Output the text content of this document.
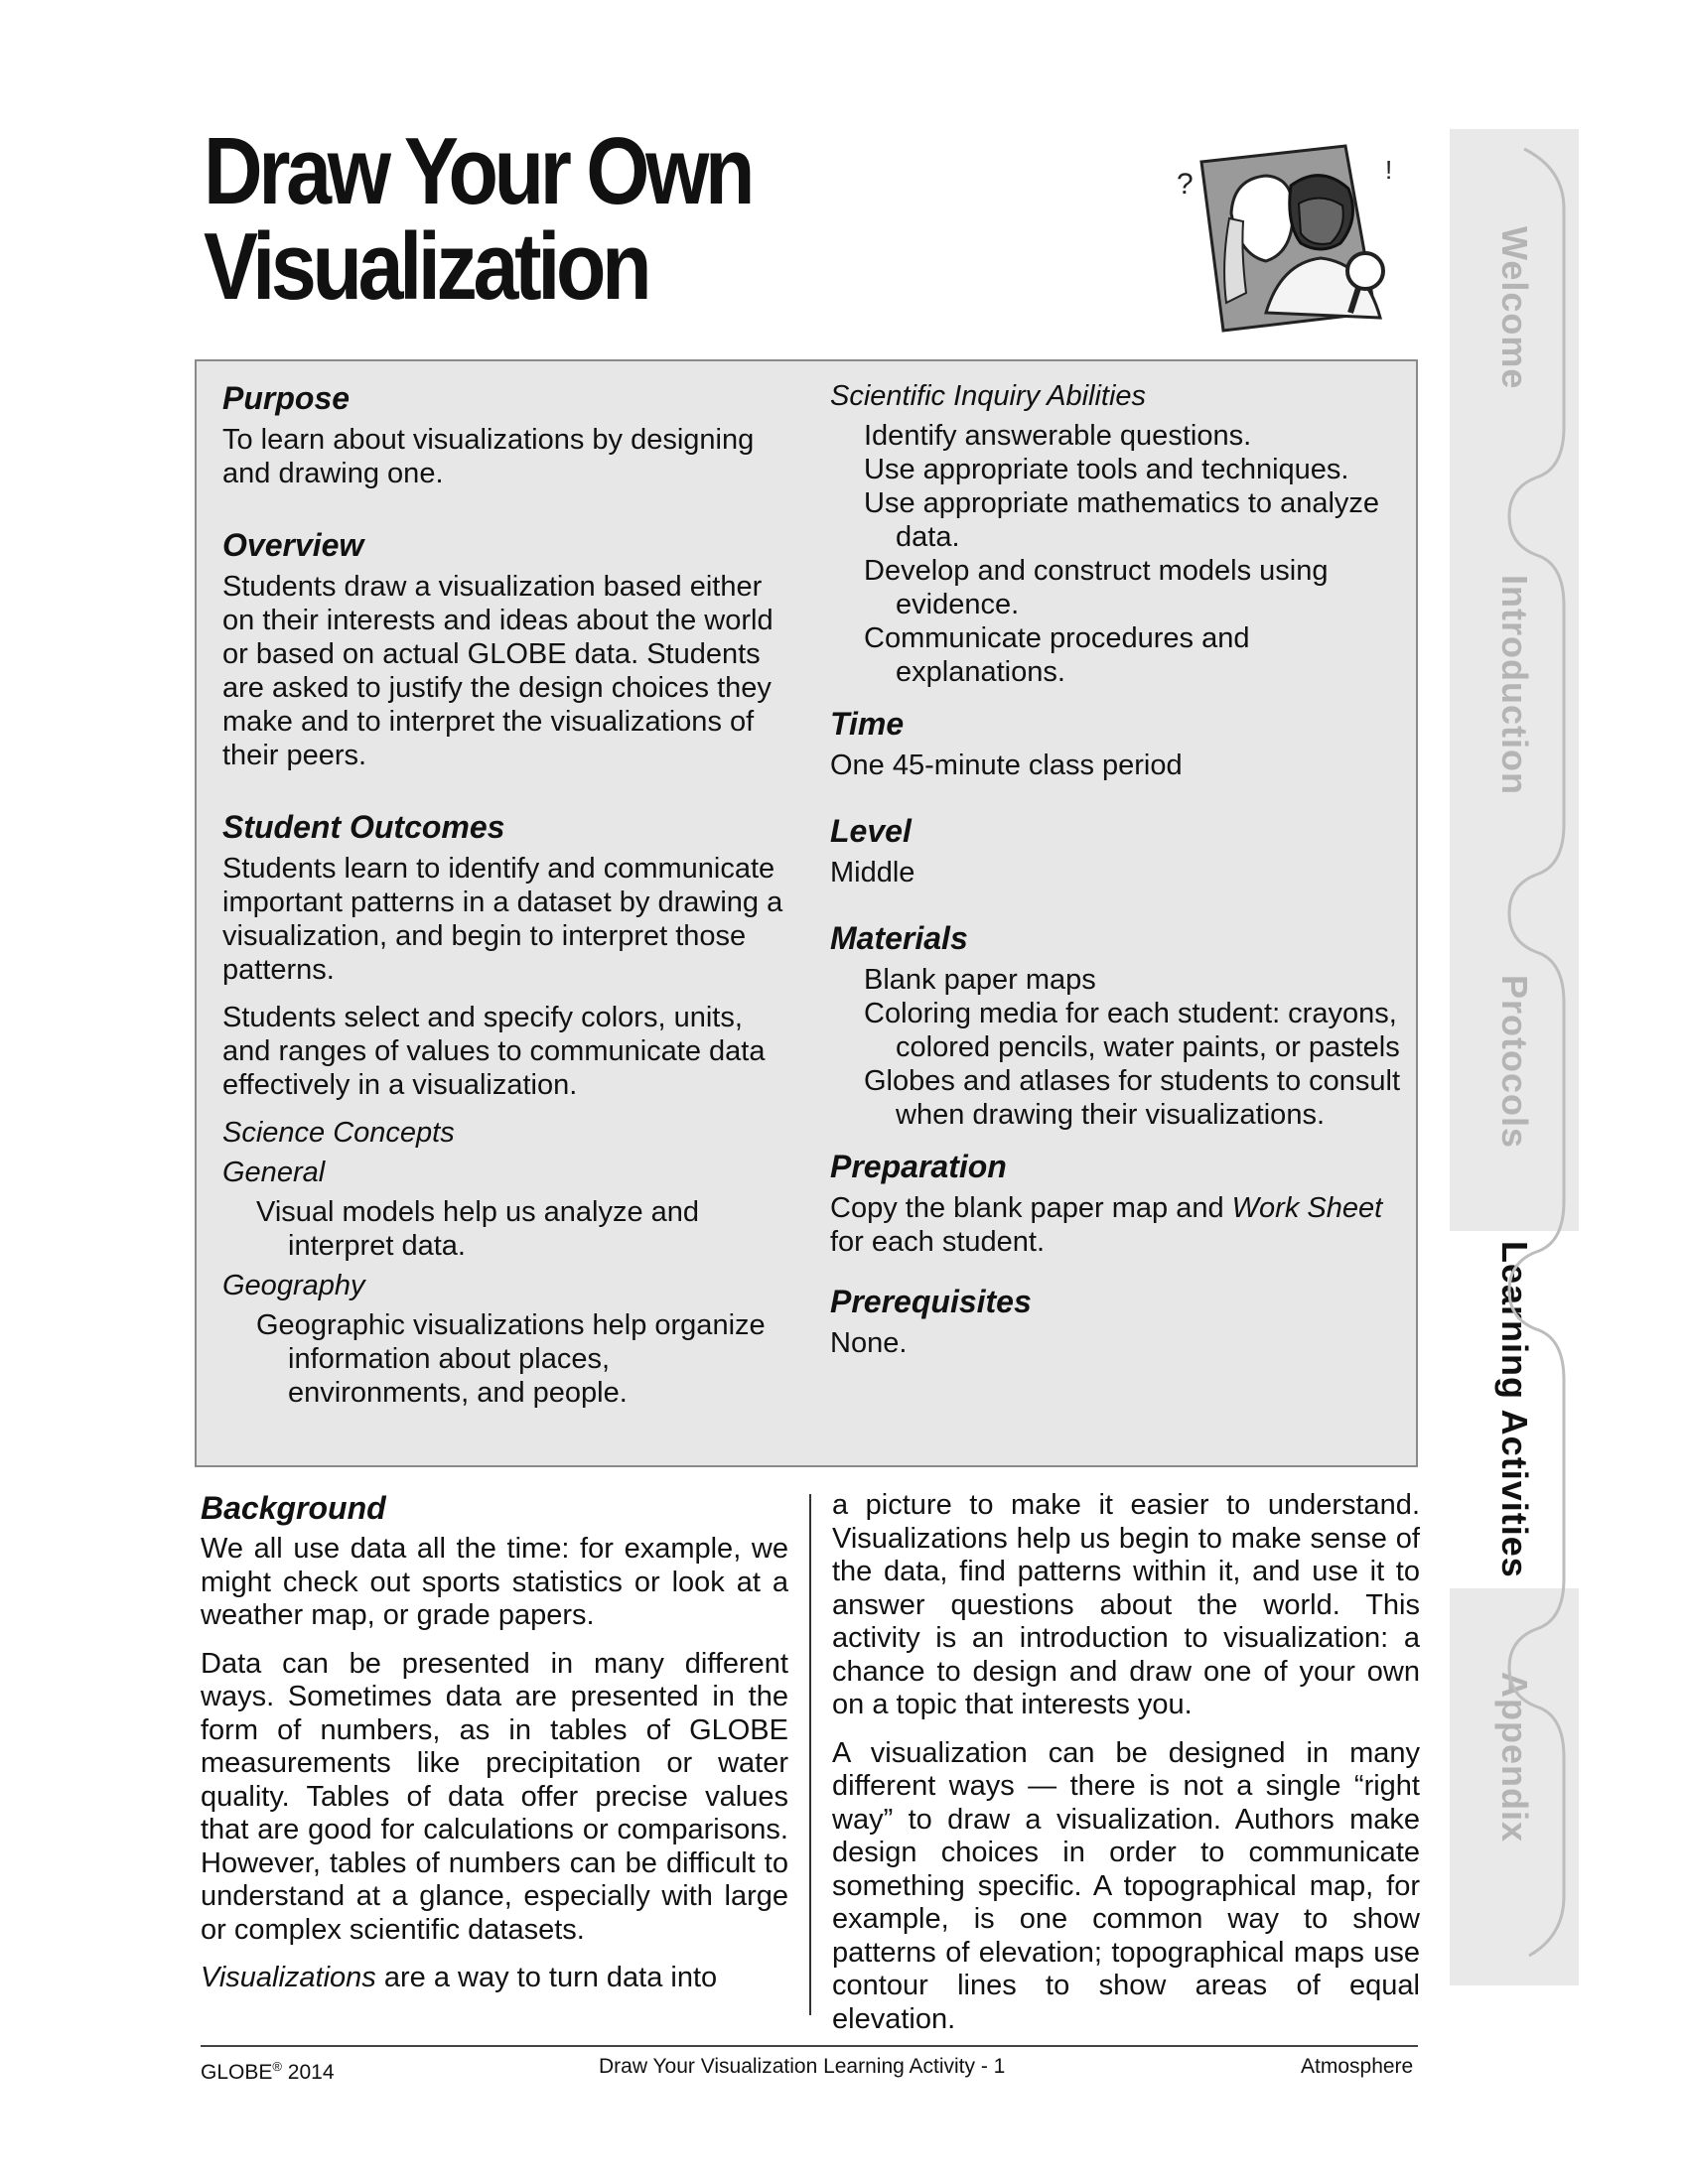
Draw Your Own
Visualization
?	!
Purpose
To learn about visualizations by designing and drawing one.
Overview
Students draw a visualization based either on their interests and ideas about the world or based on actual GLOBE data. Students are asked to justify the design choices they make and to interpret the visualizations of their peers.
Student Outcomes
Students learn to identify and communicate important patterns in a dataset by drawing a visualization, and begin to interpret those patterns.
Students select and specify colors, units, and ranges of values to communicate data effectively in a visualization.
Science Concepts
General
Visual models help us analyze and interpret data.
Geography
Geographic visualizations help organize information about places, environments, and people.
Scientific Inquiry Abilities
Identify answerable questions.
Use appropriate tools and techniques.
Use appropriate mathematics to analyze data.
Develop and construct models using evidence.
Communicate procedures and explanations.
Time
One 45-minute class period
Level
Middle
Materials
Blank paper maps
Coloring media for each student: crayons, colored pencils, water paints, or pastels
Globes and atlases for students to consult when drawing their visualizations.
Preparation
Copy the blank paper map and Work Sheet for each student.
Prerequisites
None.
Background
We all use data all the time: for example, we might check out sports statistics or look at a weather map, or grade papers.
Data can be presented in many different ways. Sometimes data are presented in the form of numbers, as in tables of GLOBE measurements like precipitation or water quality. Tables of data offer precise values that are good for calculations or comparisons. However, tables of numbers can be difficult to understand at a glance, especially with large or complex scientific datasets.
Visualizations are a way to turn data into
a picture to make it easier to understand. Visualizations help us begin to make sense of the data, find patterns within it, and use it to answer questions about the world. This activity is an introduction to visualization: a chance to design and draw one of your own on a topic that interests you.
A visualization can be designed in many different ways — there is not a single “right way” to draw a visualization. Authors make design choices in order to communicate something specific. A topographical map, for example, is one common way to show patterns of elevation; topographical maps use contour lines to show areas of equal elevation.
GLOBE® 2014	Draw Your Visualization Learning Activity - 1	Atmosphere
Welcome
Introduction
Protocols
Learning Activities
Appendix
